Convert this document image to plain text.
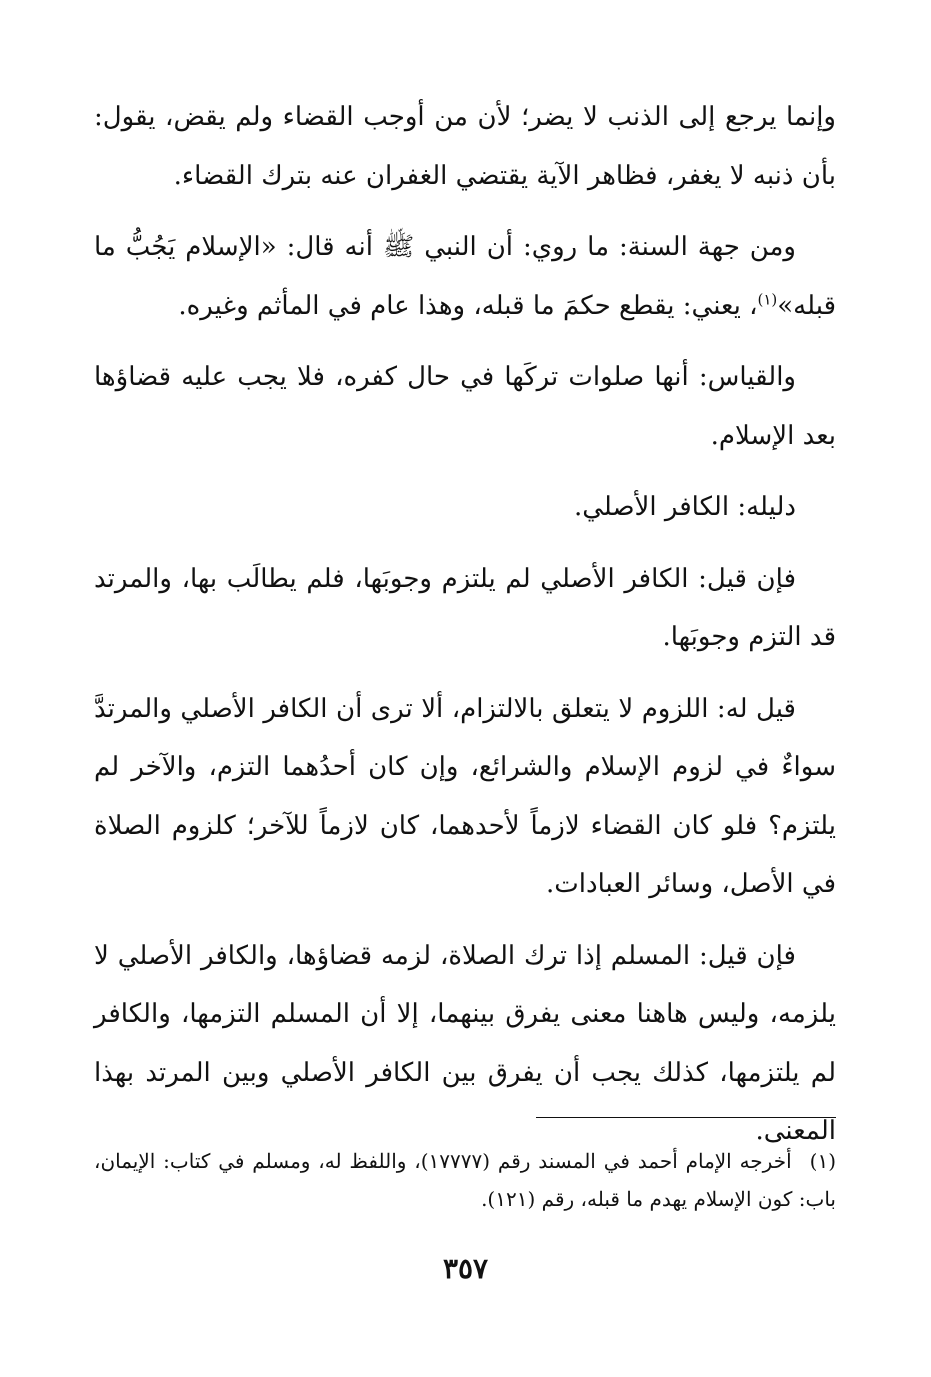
وإنما يرجع إلى الذنب لا يضر؛ لأن من أوجب القضاء ولم يقض، يقول: بأن ذنبه لا يغفر، فظاهر الآية يقتضي الغفران عنه بترك القضاء.

ومن جهة السنة: ما روي: أن النبي ﷺ أنه قال: «الإسلام يَجُبُّ ما قبله»$^{(١)}$، يعني: يقطع حكمَ ما قبله، وهذا عام في المأثم وغيره.

والقياس: أنها صلوات تركَها في حال كفره، فلا يجب عليه قضاؤها بعد الإسلام.

دليله: الكافر الأصلي.

فإن قيل: الكافر الأصلي لم يلتزم وجوبَها، فلم يطالَب بها، والمرتد قد التزم وجوبَها.

قيل له: اللزوم لا يتعلق بالالتزام، ألا ترى أن الكافر الأصلي والمرتدَّ سواءٌ في لزوم الإسلام والشرائع، وإن كان أحدُهما التزم، والآخر لم يلتزم؟ فلو كان القضاء لازماً لأحدهما، كان لازماً للآخر؛ كلزوم الصلاة في الأصل، وسائر العبادات.

فإن قيل: المسلم إذا ترك الصلاة، لزمه قضاؤها، والكافر الأصلي لا يلزمه، وليس هاهنا معنى يفرق بينهما، إلا أن المسلم التزمها، والكافر لم يلتزمها، كذلك يجب أن يفرق بين الكافر الأصلي وبين المرتد بهذا المعنى.

(١)أخرجه الإمام أحمد في المسند رقم (١٧٧٧٧)، واللفظ له، ومسلم في كتاب: الإيمان، باب: كون الإسلام يهدم ما قبله، رقم (١٢١).

٣٥٧
